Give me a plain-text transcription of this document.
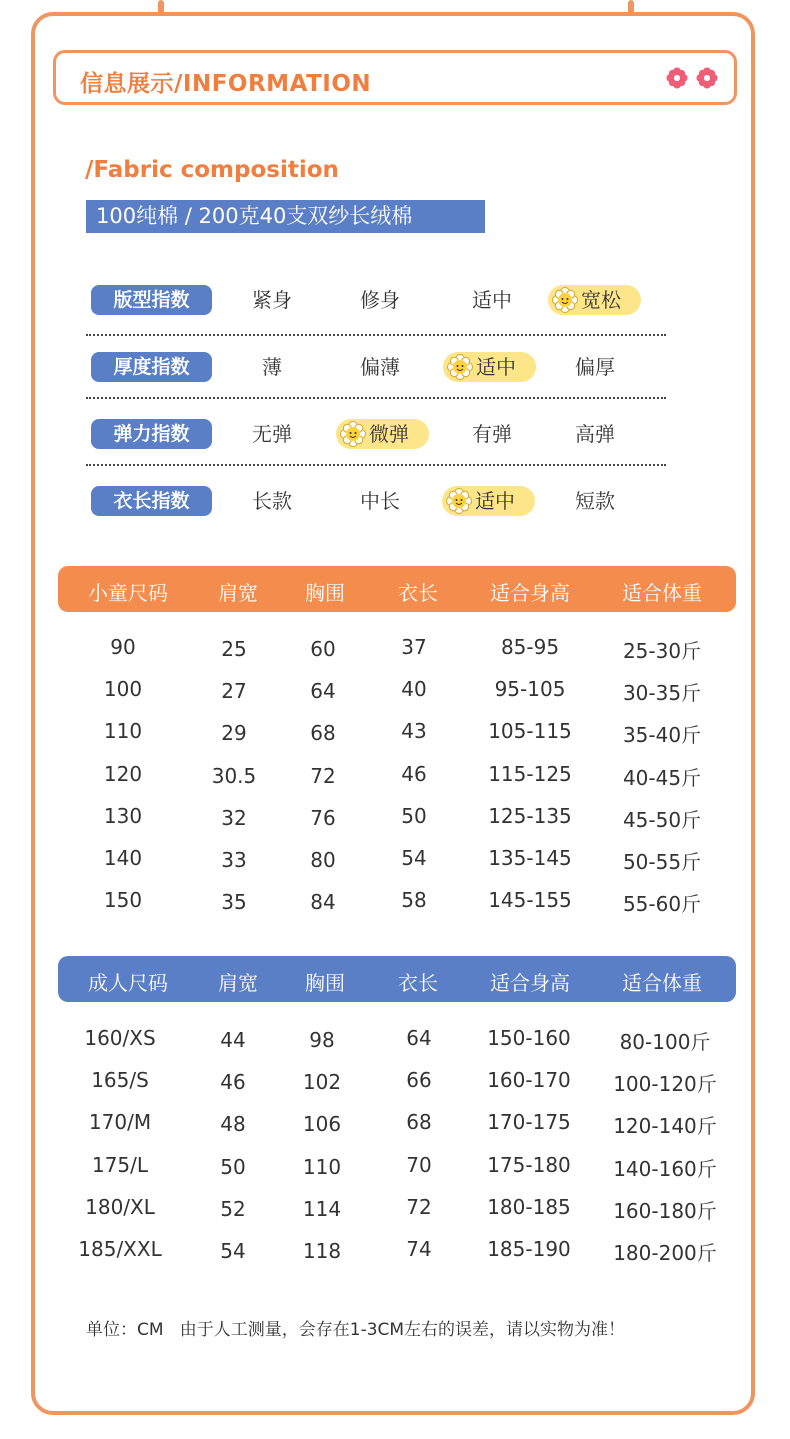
信息展示/INFORMATION
/Fabric composition
100纯棉 / 200克40支双纱长绒棉
版型指数	紧身	修身	适中	宽松
厚度指数	薄	偏薄	适中	偏厚
弹力指数	无弹	微弹	有弹	高弹
衣长指数	长款	中长	适中	短款
小童尺码	肩宽 胸围	衣长	适合身高	适合体重
90	25	60	37	85-95	25-30斤
100	27	64	40	95-105	30-35斤
110	29	68	43	105-115	35-40斤
120	30.5	72	46	115-125	40-45斤
130	32	76	50	125-135	45-50斤
140	33	80	54	135-145	50-55斤
150	35	84	58	145-155	55-60斤
成人尺码	肩宽 胸围	衣长	适合身高	适合体重
160/XS	44	98	64	150-160 80-100斤
165/S	46	102	66	160-170 100-120斤
170/M	48	106	68	170-175 120-140斤
175/L	50	110	70	175-180 140-160斤
180/XL	52	114	72	180-185 160-180斤
185/XXL	54	118	74	185-190 180-200斤
单位：CM   由于人工测量，会存在1-3CM左右的误差，请以实物为准！
